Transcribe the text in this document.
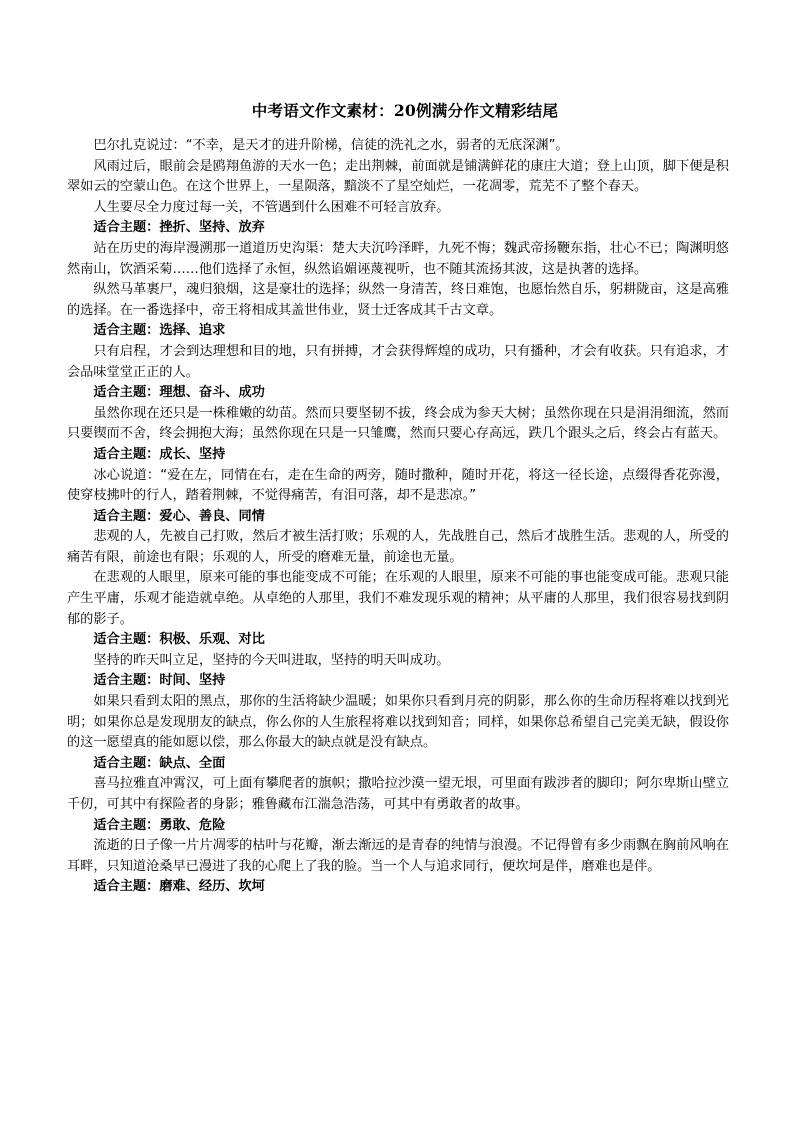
中考语文作文素材：20例满分作文精彩结尾

巴尔扎克说过：“不幸，是天才的进升阶梯，信徒的洗礼之水，弱者的无底深渊”。

风雨过后，眼前会是鸥翔鱼游的天水一色；走出荆棘，前面就是铺满鲜花的康庄大道；登上山顶，脚下便是积翠如云的空蒙山色。在这个世界上，一星陨落，黯淡不了星空灿烂，一花凋零，荒芜不了整个春天。

人生要尽全力度过每一关，不管遇到什么困难不可轻言放弃。

适合主题：挫折、坚持、放弃

站在历史的海岸漫溯那一道道历史沟渠：楚大夫沉吟泽畔，九死不悔；魏武帝扬鞭东指，壮心不已；陶渊明悠然南山，饮酒采菊……他们选择了永恒，纵然谄媚诬蔑视听，也不随其流扬其波，这是执著的选择。

纵然马革裹尸，魂归狼烟，这是豪壮的选择；纵然一身清苦，终日难饱，也愿怡然自乐，躬耕陇亩，这是高雅的选择。在一番选择中，帝王将相成其盖世伟业，贤士迁客成其千古文章。

适合主题：选择、追求

只有启程，才会到达理想和目的地，只有拼搏，才会获得辉煌的成功，只有播种，才会有收获。只有追求，才会品味堂堂正正的人。

适合主题：理想、奋斗、成功

虽然你现在还只是一株稚嫩的幼苗。然而只要坚韧不拔，终会成为参天大树；虽然你现在只是涓涓细流，然而只要锲而不舍，终会拥抱大海；虽然你现在只是一只雏鹰，然而只要心存高远，跌几个跟头之后，终会占有蓝天。

适合主题：成长、坚持

冰心说道：“爱在左，同情在右，走在生命的两旁，随时撒种，随时开花，将这一径长途，点缀得香花弥漫，使穿枝拂叶的行人，踏着荆棘，不觉得痛苦，有泪可落，却不是悲凉。”

适合主题：爱心、善良、同情

悲观的人，先被自己打败，然后才被生活打败；乐观的人，先战胜自己，然后才战胜生活。悲观的人，所受的痛苦有限，前途也有限；乐观的人，所受的磨难无量，前途也无量。

在悲观的人眼里，原来可能的事也能变成不可能；在乐观的人眼里，原来不可能的事也能变成可能。悲观只能产生平庸，乐观才能造就卓绝。从卓绝的人那里，我们不难发现乐观的精神；从平庸的人那里，我们很容易找到阴郁的影子。

适合主题：积极、乐观、对比

坚持的昨天叫立足，坚持的今天叫进取，坚持的明天叫成功。

适合主题：时间、坚持

如果只看到太阳的黑点，那你的生活将缺少温暖；如果你只看到月亮的阴影，那么你的生命历程将难以找到光明；如果你总是发现朋友的缺点，你么你的人生旅程将难以找到知音；同样，如果你总希望自己完美无缺，假设你的这一愿望真的能如愿以偿，那么你最大的缺点就是没有缺点。

适合主题：缺点、全面

喜马拉雅直冲霄汉，可上面有攀爬者的旗帜；撒哈拉沙漠一望无垠，可里面有跋涉者的脚印；阿尔卑斯山壁立千仞，可其中有探险者的身影；雅鲁藏布江湍急浩荡，可其中有勇敢者的故事。

适合主题：勇敢、危险

流逝的日子像一片片凋零的枯叶与花瓣，渐去渐远的是青春的纯情与浪漫。不记得曾有多少雨飘在胸前风响在耳畔，只知道沧桑早已漫进了我的心爬上了我的脸。当一个人与追求同行，便坎坷是伴，磨难也是伴。

适合主题：磨难、经历、坎坷
